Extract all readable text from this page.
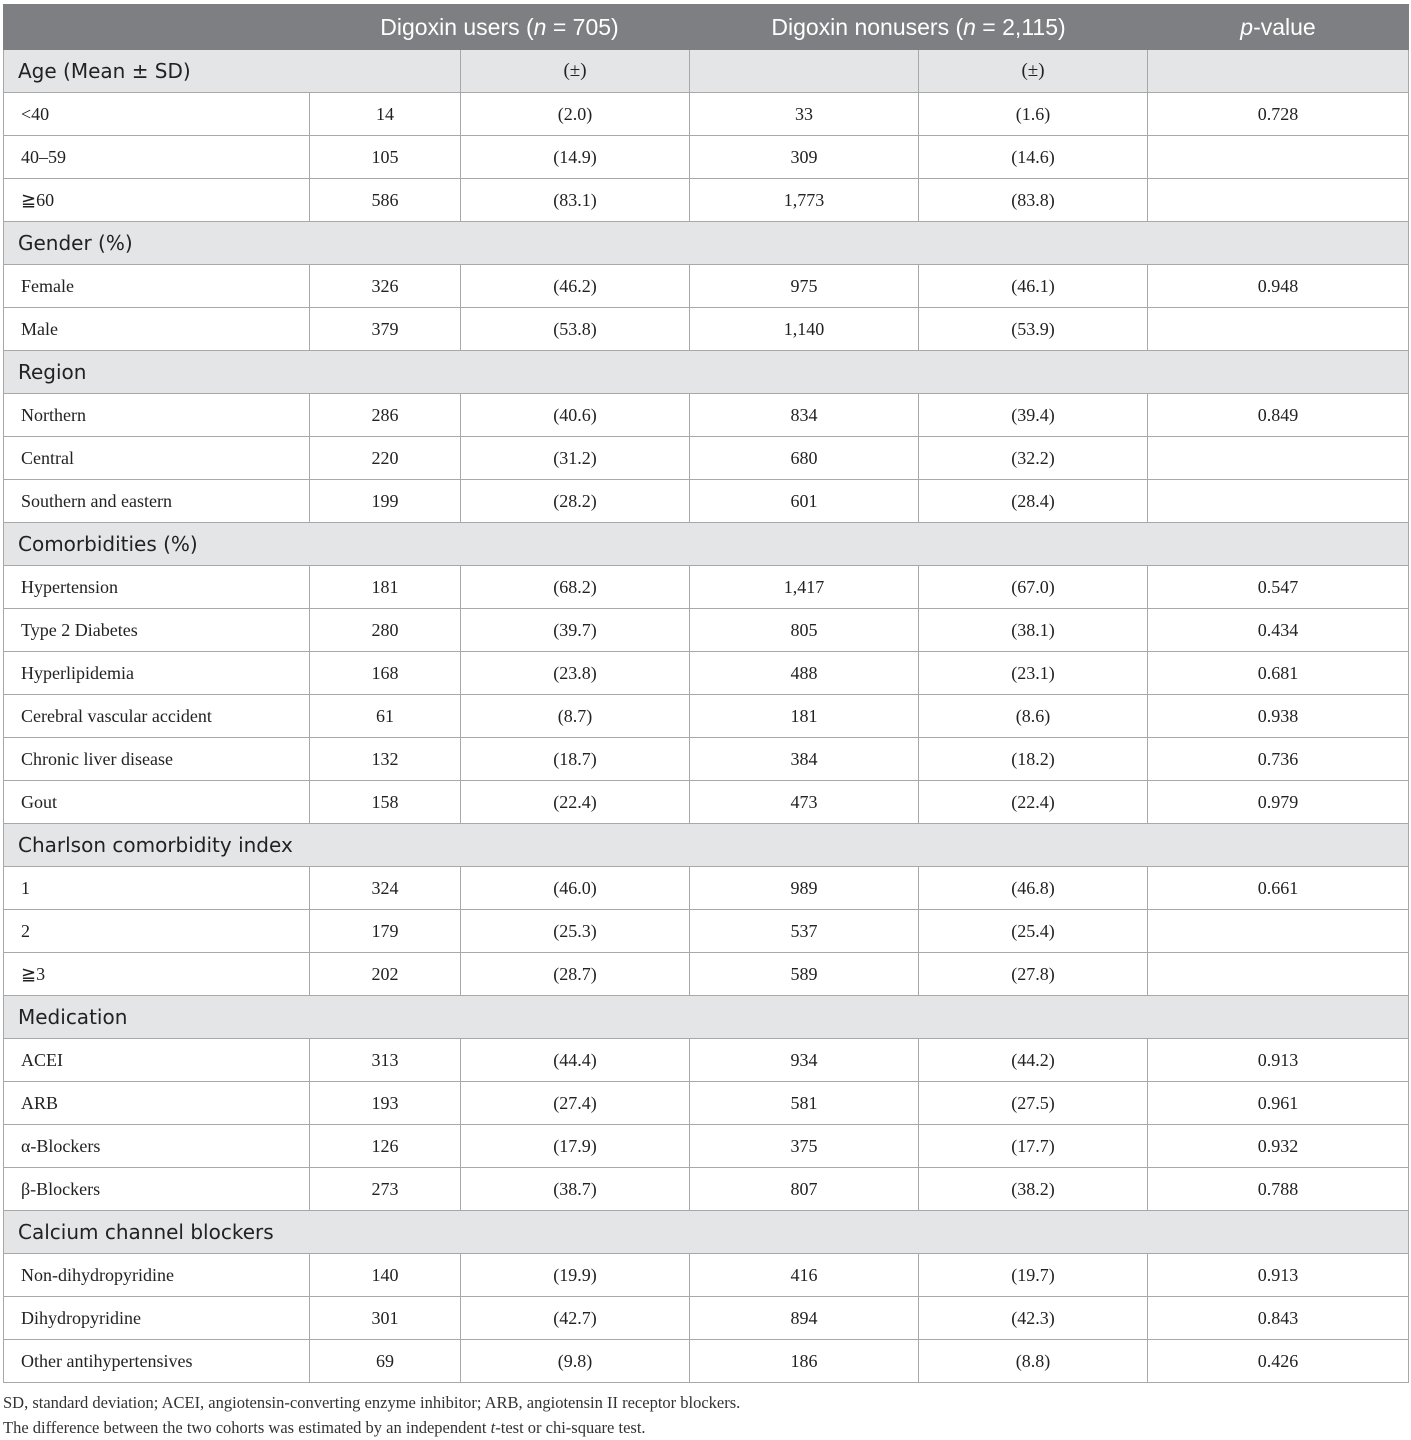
	Digoxin users (n = 705)		Digoxin nonusers (n = 2,115)		p-value
Age (Mean ± SD)		(±)		(±)	
<40	14	(2.0)	33	(1.6)	0.728
40–59	105	(14.9)	309	(14.6)	
≧60	586	(83.1)	1,773	(83.8)	
Gender (%)					
Female	326	(46.2)	975	(46.1)	0.948
Male	379	(53.8)	1,140	(53.9)	
Region					
Northern	286	(40.6)	834	(39.4)	0.849
Central	220	(31.2)	680	(32.2)	
Southern and eastern	199	(28.2)	601	(28.4)	
Comorbidities (%)					
Hypertension	181	(68.2)	1,417	(67.0)	0.547
Type 2 Diabetes	280	(39.7)	805	(38.1)	0.434
Hyperlipidemia	168	(23.8)	488	(23.1)	0.681
Cerebral vascular accident	61	(8.7)	181	(8.6)	0.938
Chronic liver disease	132	(18.7)	384	(18.2)	0.736
Gout	158	(22.4)	473	(22.4)	0.979
Charlson comorbidity index					
1	324	(46.0)	989	(46.8)	0.661
2	179	(25.3)	537	(25.4)	
≧3	202	(28.7)	589	(27.8)	
Medication					
ACEI	313	(44.4)	934	(44.2)	0.913
ARB	193	(27.4)	581	(27.5)	0.961
α-Blockers	126	(17.9)	375	(17.7)	0.932
β-Blockers	273	(38.7)	807	(38.2)	0.788
Calcium channel blockers					
Non-dihydropyridine	140	(19.9)	416	(19.7)	0.913
Dihydropyridine	301	(42.7)	894	(42.3)	0.843
Other antihypertensives	69	(9.8)	186	(8.8)	0.426
SD, standard deviation; ACEI, angiotensin-converting enzyme inhibitor; ARB, angiotensin II receptor blockers.
The difference between the two cohorts was estimated by an independent t-test or chi-square test.
